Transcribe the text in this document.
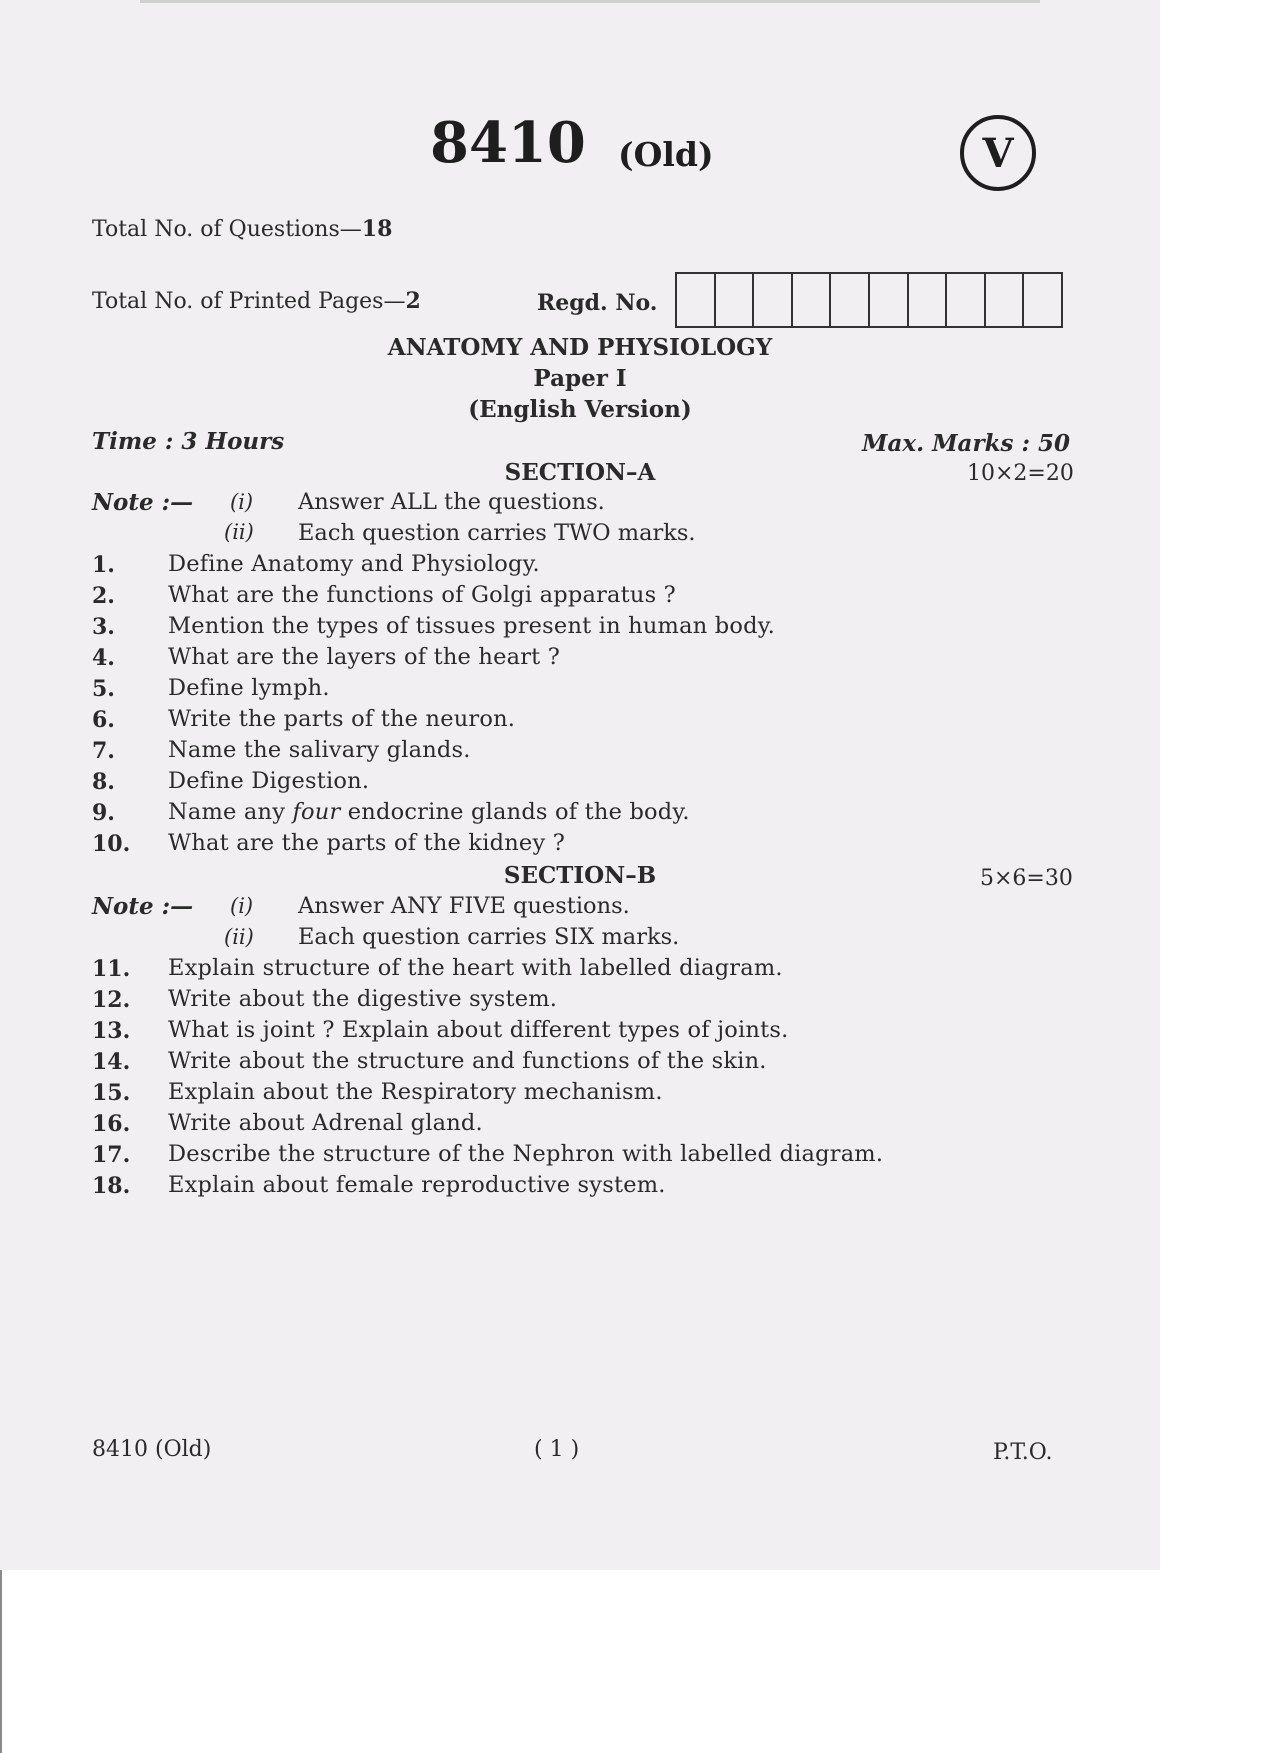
8410 (Old)	V
Total No. of Questions—18
Total No. of Printed Pages—2	Regd. No.
ANATOMY AND PHYSIOLOGY
Paper I
(English Version)
Time : 3 Hours	Max. Marks : 50
SECTION–A	10×2=20
Note :— (i) Answer ALL the questions.
(ii) Each question carries TWO marks.
1.	Define Anatomy and Physiology.
2.	What are the functions of Golgi apparatus ?
3.	Mention the types of tissues present in human body.
4.	What are the layers of the heart ?
5.	Define lymph.
6.	Write the parts of the neuron.
7.	Name the salivary glands.
8.	Define Digestion.
9.	Name any four endocrine glands of the body.
10.	What are the parts of the kidney ?
SECTION–B	5×6=30
Note :— (i) Answer ANY FIVE questions.
(ii) Each question carries SIX marks.
11.	Explain structure of the heart with labelled diagram.
12.	Write about the digestive system.
13.	What is joint ? Explain about different types of joints.
14.	Write about the structure and functions of the skin.
15.	Explain about the Respiratory mechanism.
16.	Write about Adrenal gland.
17.	Describe the structure of the Nephron with labelled diagram.
18.	Explain about female reproductive system.
8410 (Old)	( 1 )	P.T.O.
